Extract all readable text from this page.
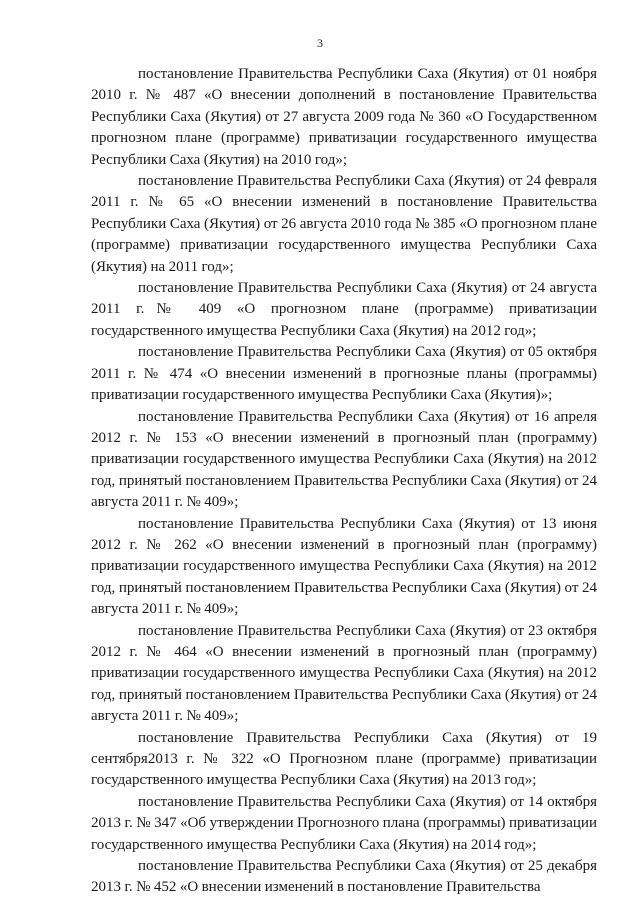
3

постановление Правительства Республики Саха (Якутия) от 01 ноября 2010 г. № 487 «О внесении дополнений в постановление Правительства Республики Саха (Якутия) от 27 августа 2009 года № 360 «О Государственном прогнозном плане (программе) приватизации государственного имущества Республики Саха (Якутия) на 2010 год»;

постановление Правительства Республики Саха (Якутия) от 24 февраля 2011 г. № 65 «О внесении изменений в постановление Правительства Республики Саха (Якутия) от 26 августа 2010 года № 385 «О прогнозном плане (программе) приватизации государственного имущества Республики Саха (Якутия) на 2011 год»;

постановление Правительства Республики Саха (Якутия) от 24 августа 2011 г.№ 409 «О прогнозном плане (программе) приватизации государственного имущества Республики Саха (Якутия) на 2012 год»;

постановление Правительства Республики Саха (Якутия) от 05 октября 2011 г. № 474 «О внесении изменений в прогнозные планы (программы) приватизации государственного имущества Республики Саха (Якутия)»;

постановление Правительства Республики Саха (Якутия) от 16 апреля 2012 г. № 153 «О внесении изменений в прогнозный план (программу) приватизации государственного имущества Республики Саха (Якутия) на 2012 год, принятый постановлением Правительства Республики Саха (Якутия) от 24 августа 2011 г. № 409»;

постановление Правительства Республики Саха (Якутия) от 13 июня 2012 г. № 262 «О внесении изменений в прогнозный план (программу) приватизации государственного имущества Республики Саха (Якутия) на 2012 год, принятый постановлением Правительства Республики Саха (Якутия) от 24 августа 2011 г. № 409»;

постановление Правительства Республики Саха (Якутия) от 23 октября 2012 г. № 464 «О внесении изменений в прогнозный план (программу) приватизации государственного имущества Республики Саха (Якутия) на 2012 год, принятый постановлением Правительства Республики Саха (Якутия) от 24 августа 2011 г. № 409»;

постановление Правительства Республики Саха (Якутия) от 19 сентября2013 г. № 322 «О Прогнозном плане (программе) приватизации государственного имущества Республики Саха (Якутия) на 2013 год»;

постановление Правительства Республики Саха (Якутия) от 14 октября 2013 г. № 347 «Об утверждении Прогнозного плана (программы) приватизации государственного имущества Республики Саха (Якутия) на 2014 год»;

постановление Правительства Республики Саха (Якутия) от 25 декабря 2013 г. № 452 «О внесении изменений в постановление Правительства
